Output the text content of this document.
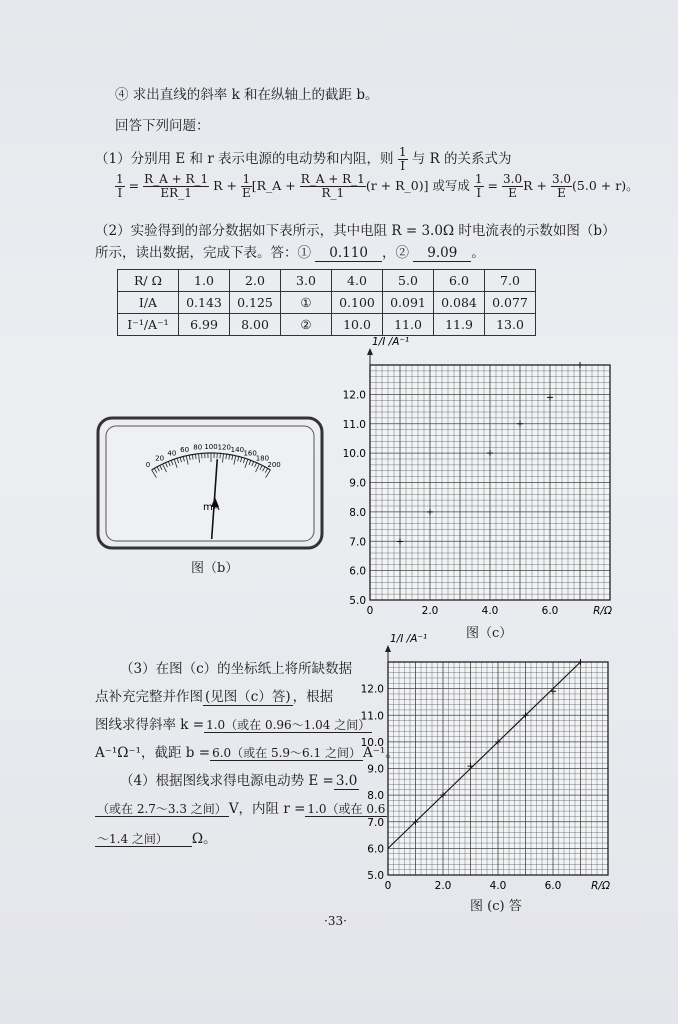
④ 求出直线的斜率 k 和在纵轴上的截距 b。
回答下列问题：
（1）分别用 E 和 r 表示电源的电动势和内阻，则 $\frac{1}{I}$ 与 R 的关系式为
$\frac{1}{I} = \frac{R\_A + R\_1}{ER\_1}$ $R + \frac{1}{E}$ [R_A + $\frac{R\_A + R\_1}{R\_1} (r$ + R_0)] 或写成 $\frac{1}{I} = \frac{3.0}{E}$ $R + \frac{3.0}{E} (5.0 + r)$。
（2）实验得到的部分数据如下表所示，其中电阻 R = 3.0Ω 时电流表的示数如图（b）
所示，读出数据，完成下表。答：① 0.110 ，② 9.09 。
R/ Ω	1.0	2.0	3.0	4.0	5.0	6.0	7.0
I/A	0.143	0.125	①	0.100	0.091	0.084	0.077
I⁻¹/A⁻¹	6.99	8.00	②	10.0	11.0	11.9	13.0
0
20
40 60 80 100 120 140 160
180
200
mA
图（b）
5.0
6.0
7.0
8.0
9.0
10.0
11.0
12.0
0	2.0	4.0	6.0	R/Ω
1/I /A⁻¹
图（c）
5.0
6.0
7.0
8.0
9.0
10.0
11.0
12.0
0	2.0	4.0	6.0	R/Ω
1/I /A⁻¹
图 (c) 答
（3）在图（c）的坐标纸上将所缺数据
点补充完整并作图 (见图（c）答) ，根据
图线求得斜率 k = 1.0（或在 0.96～1.04 之间）
A⁻¹Ω⁻¹，截距 b = 6.0（或在 5.9～6.1 之间） A⁻¹。
（4）根据图线求得电源电动势 E = 3.0
（或在 2.7～3.3 之间） V，内阻 r = 1.0（或在 0.6
～1.4 之间） Ω。
·33·
